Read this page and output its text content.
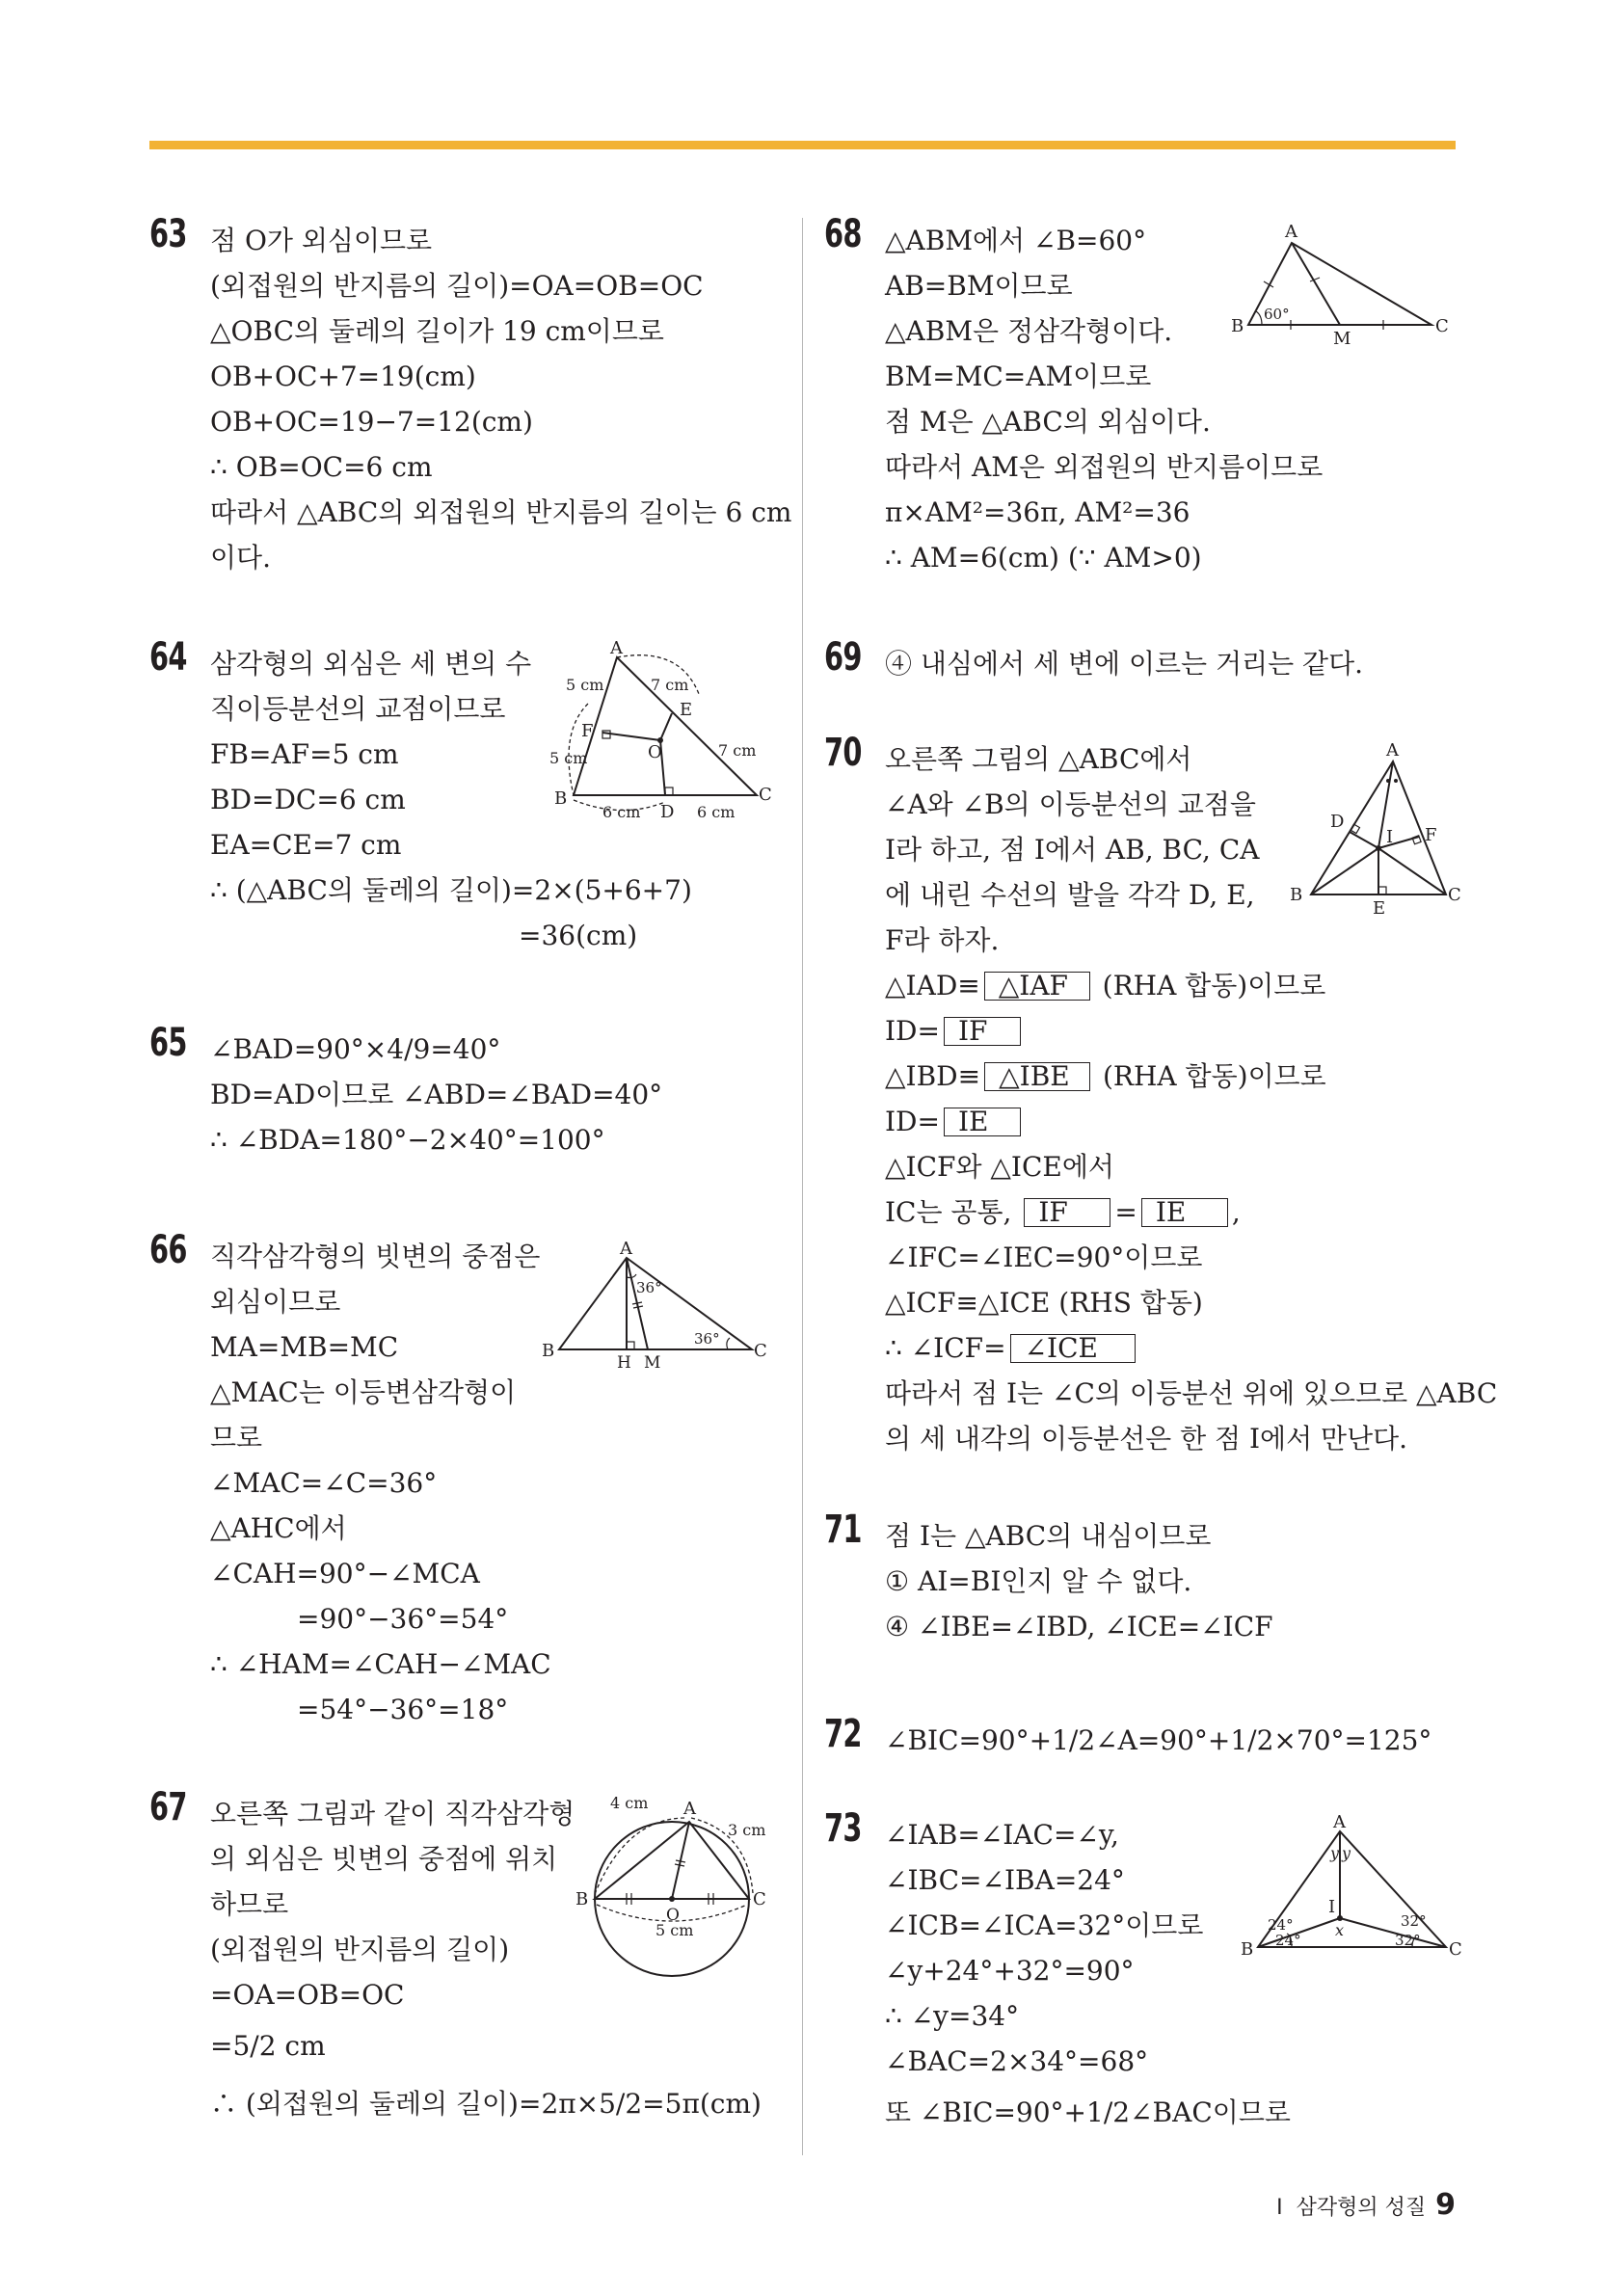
63 점 O가 외심이므로
(외접원의 반지름의 길이)=OA=OB=OC
△OBC의 둘레의 길이가 19 cm이므로
OB+OC+7=19(cm)
OB+OC=19−7=12(cm)
∴ OB=OC=6 cm
따라서 △ABC의 외접원의 반지름의 길이는 6 cm
이다.
64 삼각형의 외심은 세 변의 수
직이등분선의 교점이므로
FB=AF=5 cm
BD=DC=6 cm
EA=CE=7 cm
∴ (△ABC의 둘레의 길이)=2×(5+6+7)
=36(cm)
A
B	C
D
E
F
O
5 cm	7 cm
5 cm	7 cm
6 cm	6 cm
65 ∠BAD=90°×4/9=40°
BD=AD이므로 ∠ABD=∠BAD=40°
∴ ∠BDA=180°−2×40°=100°
66 직각삼각형의 빗변의 중점은
외심이므로
MA=MB=MC
△MAC는 이등변삼각형이
므로
∠MAC=∠C=36°
△AHC에서
∠CAH=90°−∠MCA
=90°−36°=54°
∴ ∠HAM=∠CAH−∠MAC
=54°−36°=18°
A
B	C
H M
36°
36°
67 오른쪽 그림과 같이 직각삼각형
의 외심은 빗변의 중점에 위치
하므로
(외접원의 반지름의 길이)
=OA=OB=OC
=5/2 cm
∴ (외접원의 둘레의 길이)=2π×5/2=5π(cm)
A
B	C
O
4 cm
3 cm
5 cm
68 △ABM에서 ∠B=60°
AB=BM이므로
△ABM은 정삼각형이다.
BM=MC=AM이므로
점 M은 △ABC의 외심이다.
따라서 AM은 외접원의 반지름이므로
π×AM²=36π, AM²=36
∴ AM=6(cm) (∵ AM>0)
A
B	C
M
60°
69 ④ 내심에서 세 변에 이르는 거리는 같다.
70 오른쪽 그림의 △ABC에서
∠A와 ∠B의 이등분선의 교점을
I라 하고, 점 I에서 AB, BC, CA
에 내린 수선의 발을 각각 D, E,
F라 하자.
△IAD≡ △IAF (RHA 합동)이므로
ID= IF
△IBD≡ △IBE (RHA 합동)이므로
ID= IE
△ICF와 △ICE에서
IC는 공통, IF = IE ,
∠IFC=∠IEC=90°이므로
△ICF≡△ICE (RHS 합동)
∴ ∠ICF= ∠ICE
따라서 점 I는 ∠C의 이등분선 위에 있으므로 △ABC
의 세 내각의 이등분선은 한 점 I에서 만난다.
A
B	C
D
E
F
I
71 점 I는 △ABC의 내심이므로
① AI=BI인지 알 수 없다.
④ ∠IBE=∠IBD, ∠ICE=∠ICF
72 ∠BIC=90°+1/2∠A=90°+1/2×70°=125°
73 ∠IAB=∠IAC=∠y,
∠IBC=∠IBA=24°
∠ICB=∠ICA=32°이므로
∠y+24°+32°=90°
∴ ∠y=34°
∠BAC=2×34°=68°
또 ∠BIC=90°+1/2∠BAC이므로
A
B	C
I
x
y y
24°
24°
32°
32°
Ⅰ  삼각형의 성질 9
